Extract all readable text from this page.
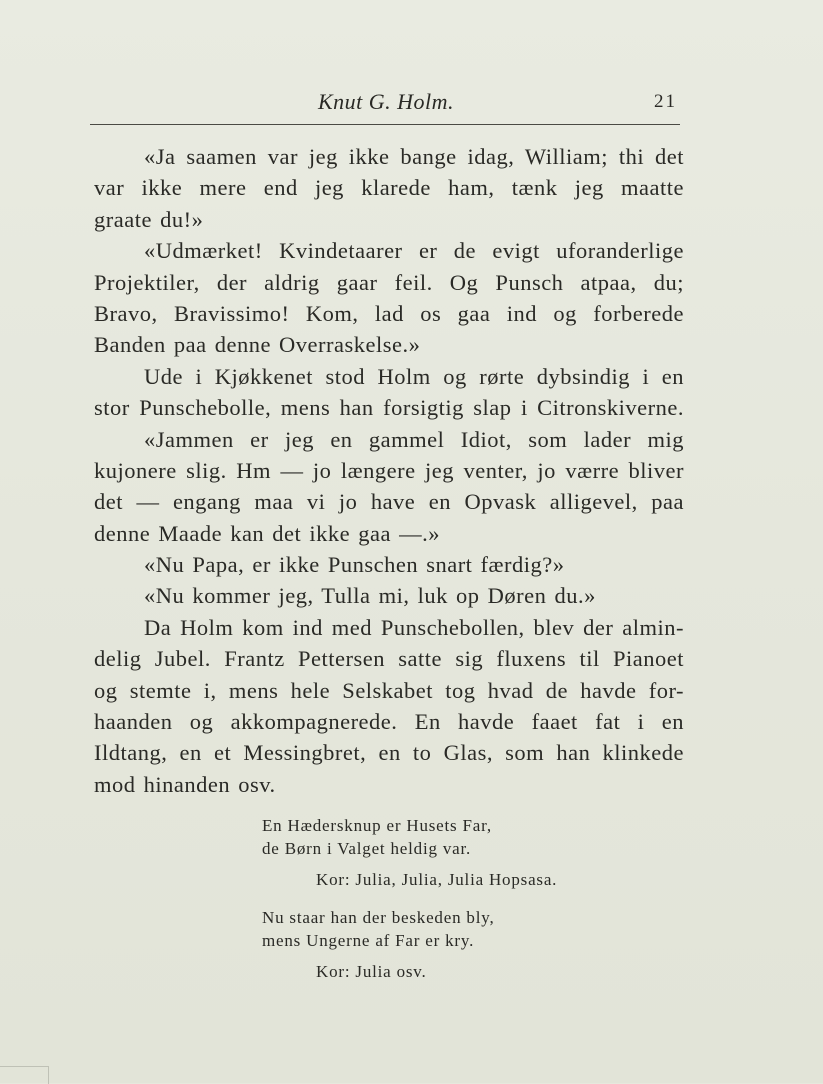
Knut G. Holm.	21
«Ja saamen var jeg ikke bange idag, William; thi det
var ikke mere end jeg klarede ham, tænk jeg maatte
graate du!»
«Udmærket! Kvindetaarer er de evigt uforanderlige
Projektiler, der aldrig gaar feil. Og Punsch atpaa, du;
Bravo, Bravissimo! Kom, lad os gaa ind og forberede
Banden paa denne Overraskelse.»
Ude i Kjøkkenet stod Holm og rørte dybsindig i en
stor Punschebolle, mens han forsigtig slap i Citronskiverne.
«Jammen er jeg en gammel Idiot, som lader mig
kujonere slig. Hm — jo længere jeg venter, jo værre bliver
det — engang maa vi jo have en Opvask alligevel, paa
denne Maade kan det ikke gaa —.»
«Nu Papa, er ikke Punschen snart færdig?»
«Nu kommer jeg, Tulla mi, luk op Døren du.»
Da Holm kom ind med Punschebollen, blev der almin-
delig Jubel. Frantz Pettersen satte sig fluxens til Pianoet
og stemte i, mens hele Selskabet tog hvad de havde for-
haanden og akkompagnerede. En havde faaet fat i en
Ildtang, en et Messingbret, en to Glas, som han klinkede
mod hinanden osv.
En Hædersknup er Husets Far,
de Børn i Valget heldig var.
Kor: Julia, Julia, Julia Hopsasa.
Nu staar han der beskeden bly,
mens Ungerne af Far er kry.
Kor: Julia osv.
